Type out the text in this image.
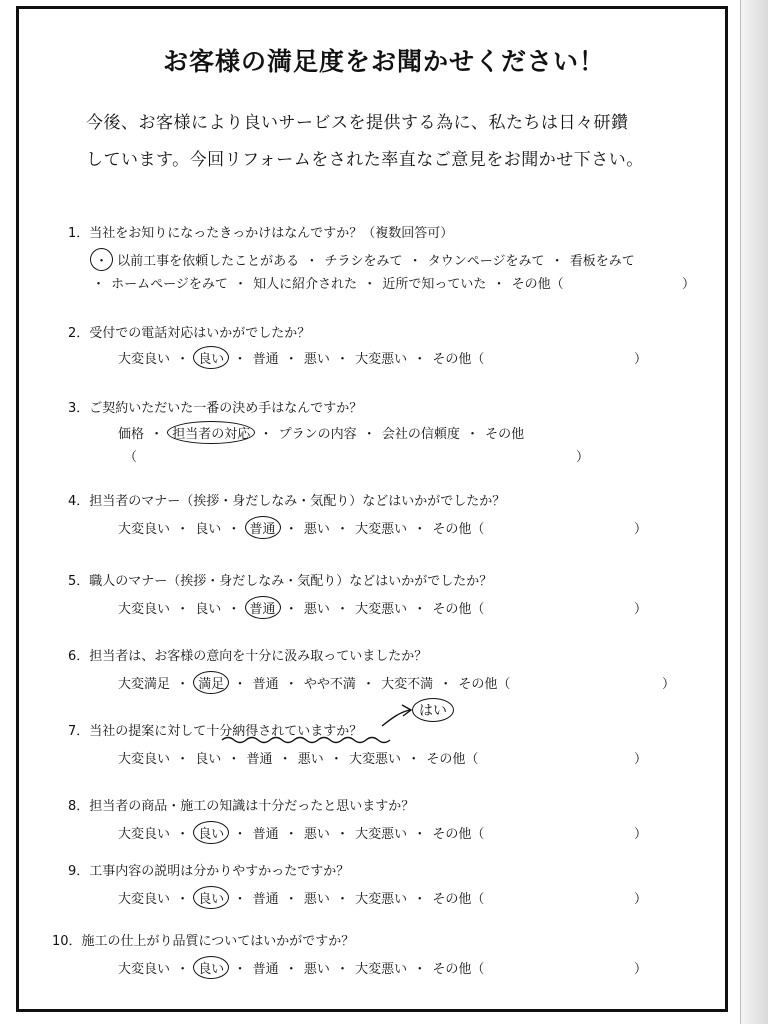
お客様の満足度をお聞かせください！
今後、お客様により良いサービスを提供する為に、私たちは日々研鑽
しています。今回リフォームをされた率直なご意見をお聞かせ下さい。
1．当社をお知りになったきっかけはなんですか？（複数回答可）
・ 以前工事を依頼したことがある ・ チラシをみて ・ タウンページをみて ・ 看板をみて
・ ホームページをみて ・ 知人に紹介された ・ 近所で知っていた ・ その他（	）
2．受付での電話対応はいかがでしたか？
大変良い ・ 良い ・ 普通 ・ 悪い ・ 大変悪い ・ その他（	）
3．ご契約いただいた一番の決め手はなんですか？
価格 ・ 担当者の対応 ・ プランの内容 ・ 会社の信頼度 ・ その他
（	）
4．担当者のマナー（挨拶・身だしなみ・気配り）などはいかがでしたか？
大変良い ・ 良い ・ 普通 ・ 悪い ・ 大変悪い ・ その他（	）
5．職人のマナー（挨拶・身だしなみ・気配り）などはいかがでしたか？
大変良い ・ 良い ・ 普通 ・ 悪い ・ 大変悪い ・ その他（	）
6．担当者は、お客様の意向を十分に汲み取っていましたか？
大変満足 ・ 満足 ・ 普通 ・ やや不満 ・ 大変不満 ・ その他（	）
7．当社の提案に対して十分納得されていますか？
はい
大変良い ・ 良い ・ 普通 ・ 悪い ・ 大変悪い ・ その他（	）
8．担当者の商品・施工の知識は十分だったと思いますか？
大変良い ・ 良い ・ 普通 ・ 悪い ・ 大変悪い ・ その他（	）
9．工事内容の説明は分かりやすかったですか？
大変良い ・ 良い ・ 普通 ・ 悪い ・ 大変悪い ・ その他（	）
10．施工の仕上がり品質についてはいかがですか？
大変良い ・ 良い ・ 普通 ・ 悪い ・ 大変悪い ・ その他（	）
